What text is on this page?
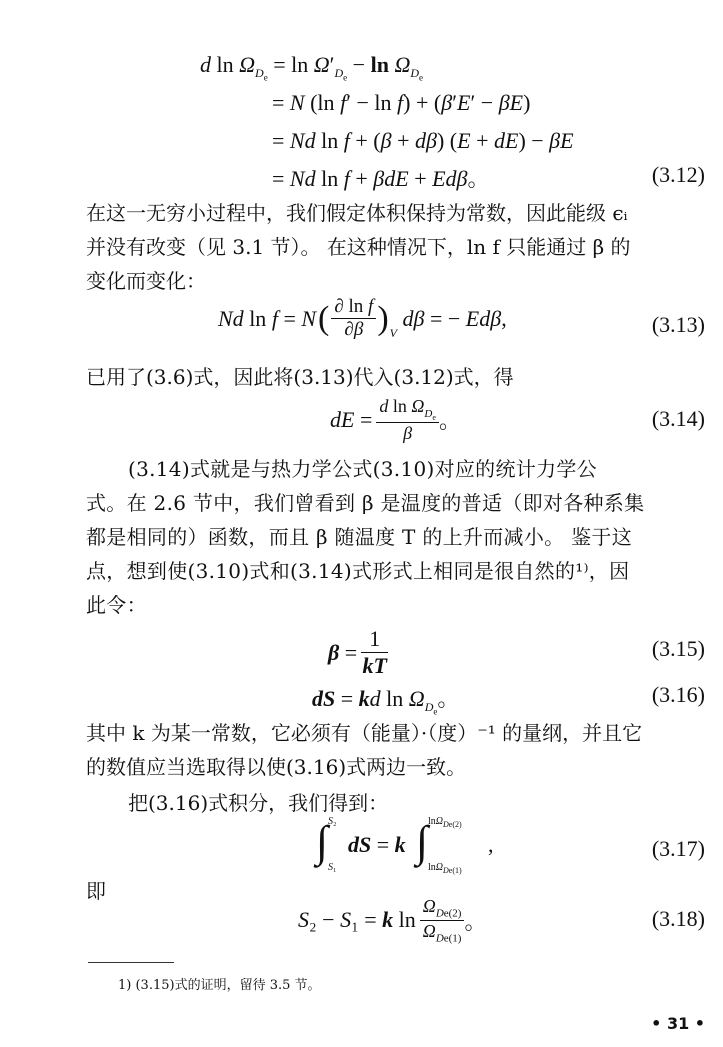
d $\ln \Omega_{D_e} = \ln \Omega'_{D_e} - \ln \Omega_{D_e}$
= N (ln f′ − ln f) + (β′E′ − βE)
= Nd ln f + (β + dβ) (E + dE) − βE
= Nd ln f + βdE + Edβ。	(3.12)
在这一无穷小过程中，我们假定体积保持为常数，因此能级 ϵᵢ
并没有改变（见 3.1 节）。 在这种情况下，ln f 只能通过 β 的
变化而变化：
Nd ln f = N ( ∂ ln f
∂β ) $_V$
dβ = − Edβ,	(3.13)
已用了(3.6)式，因此将(3.13)代入(3.12)式，得
dE =
d $\ln \Omega_{D_e}$
β 。	(3.14)
(3.14)式就是与热力学公式(3.10)对应的统计力学公
式。在 2.6 节中，我们曾看到 β 是温度的普适（即对各种系集
都是相同的）函数，而且 β 随温度 T 的上升而减小。 鉴于这
点，想到使(3.10)式和(3.14)式形式上相同是很自然的¹⁾，因
此令：
$\beta = \frac{1}{kT}$	(3.15)
dS = kd $\ln \Omega_{D_e}$。	(3.16)
其中 k 为某一常数，它必须有（能量）·（度）⁻¹ 的量纲，并且它
的数值应当选取得以使(3.16)式两边一致。
把(3.16)式积分，我们得到：
∫ S₂
S₁
dS = k ∫ lnΩ$_{De(2)}$
lnΩ$_{De(1)}$
,	(3.17)
即
S₂ − S₁ = k ln
$\Omega_{De(2)}$
$\Omega_{De(1)}$
。	(3.18)
1) (3.15)式的证明，留待 3.5 节。
• 31 •
